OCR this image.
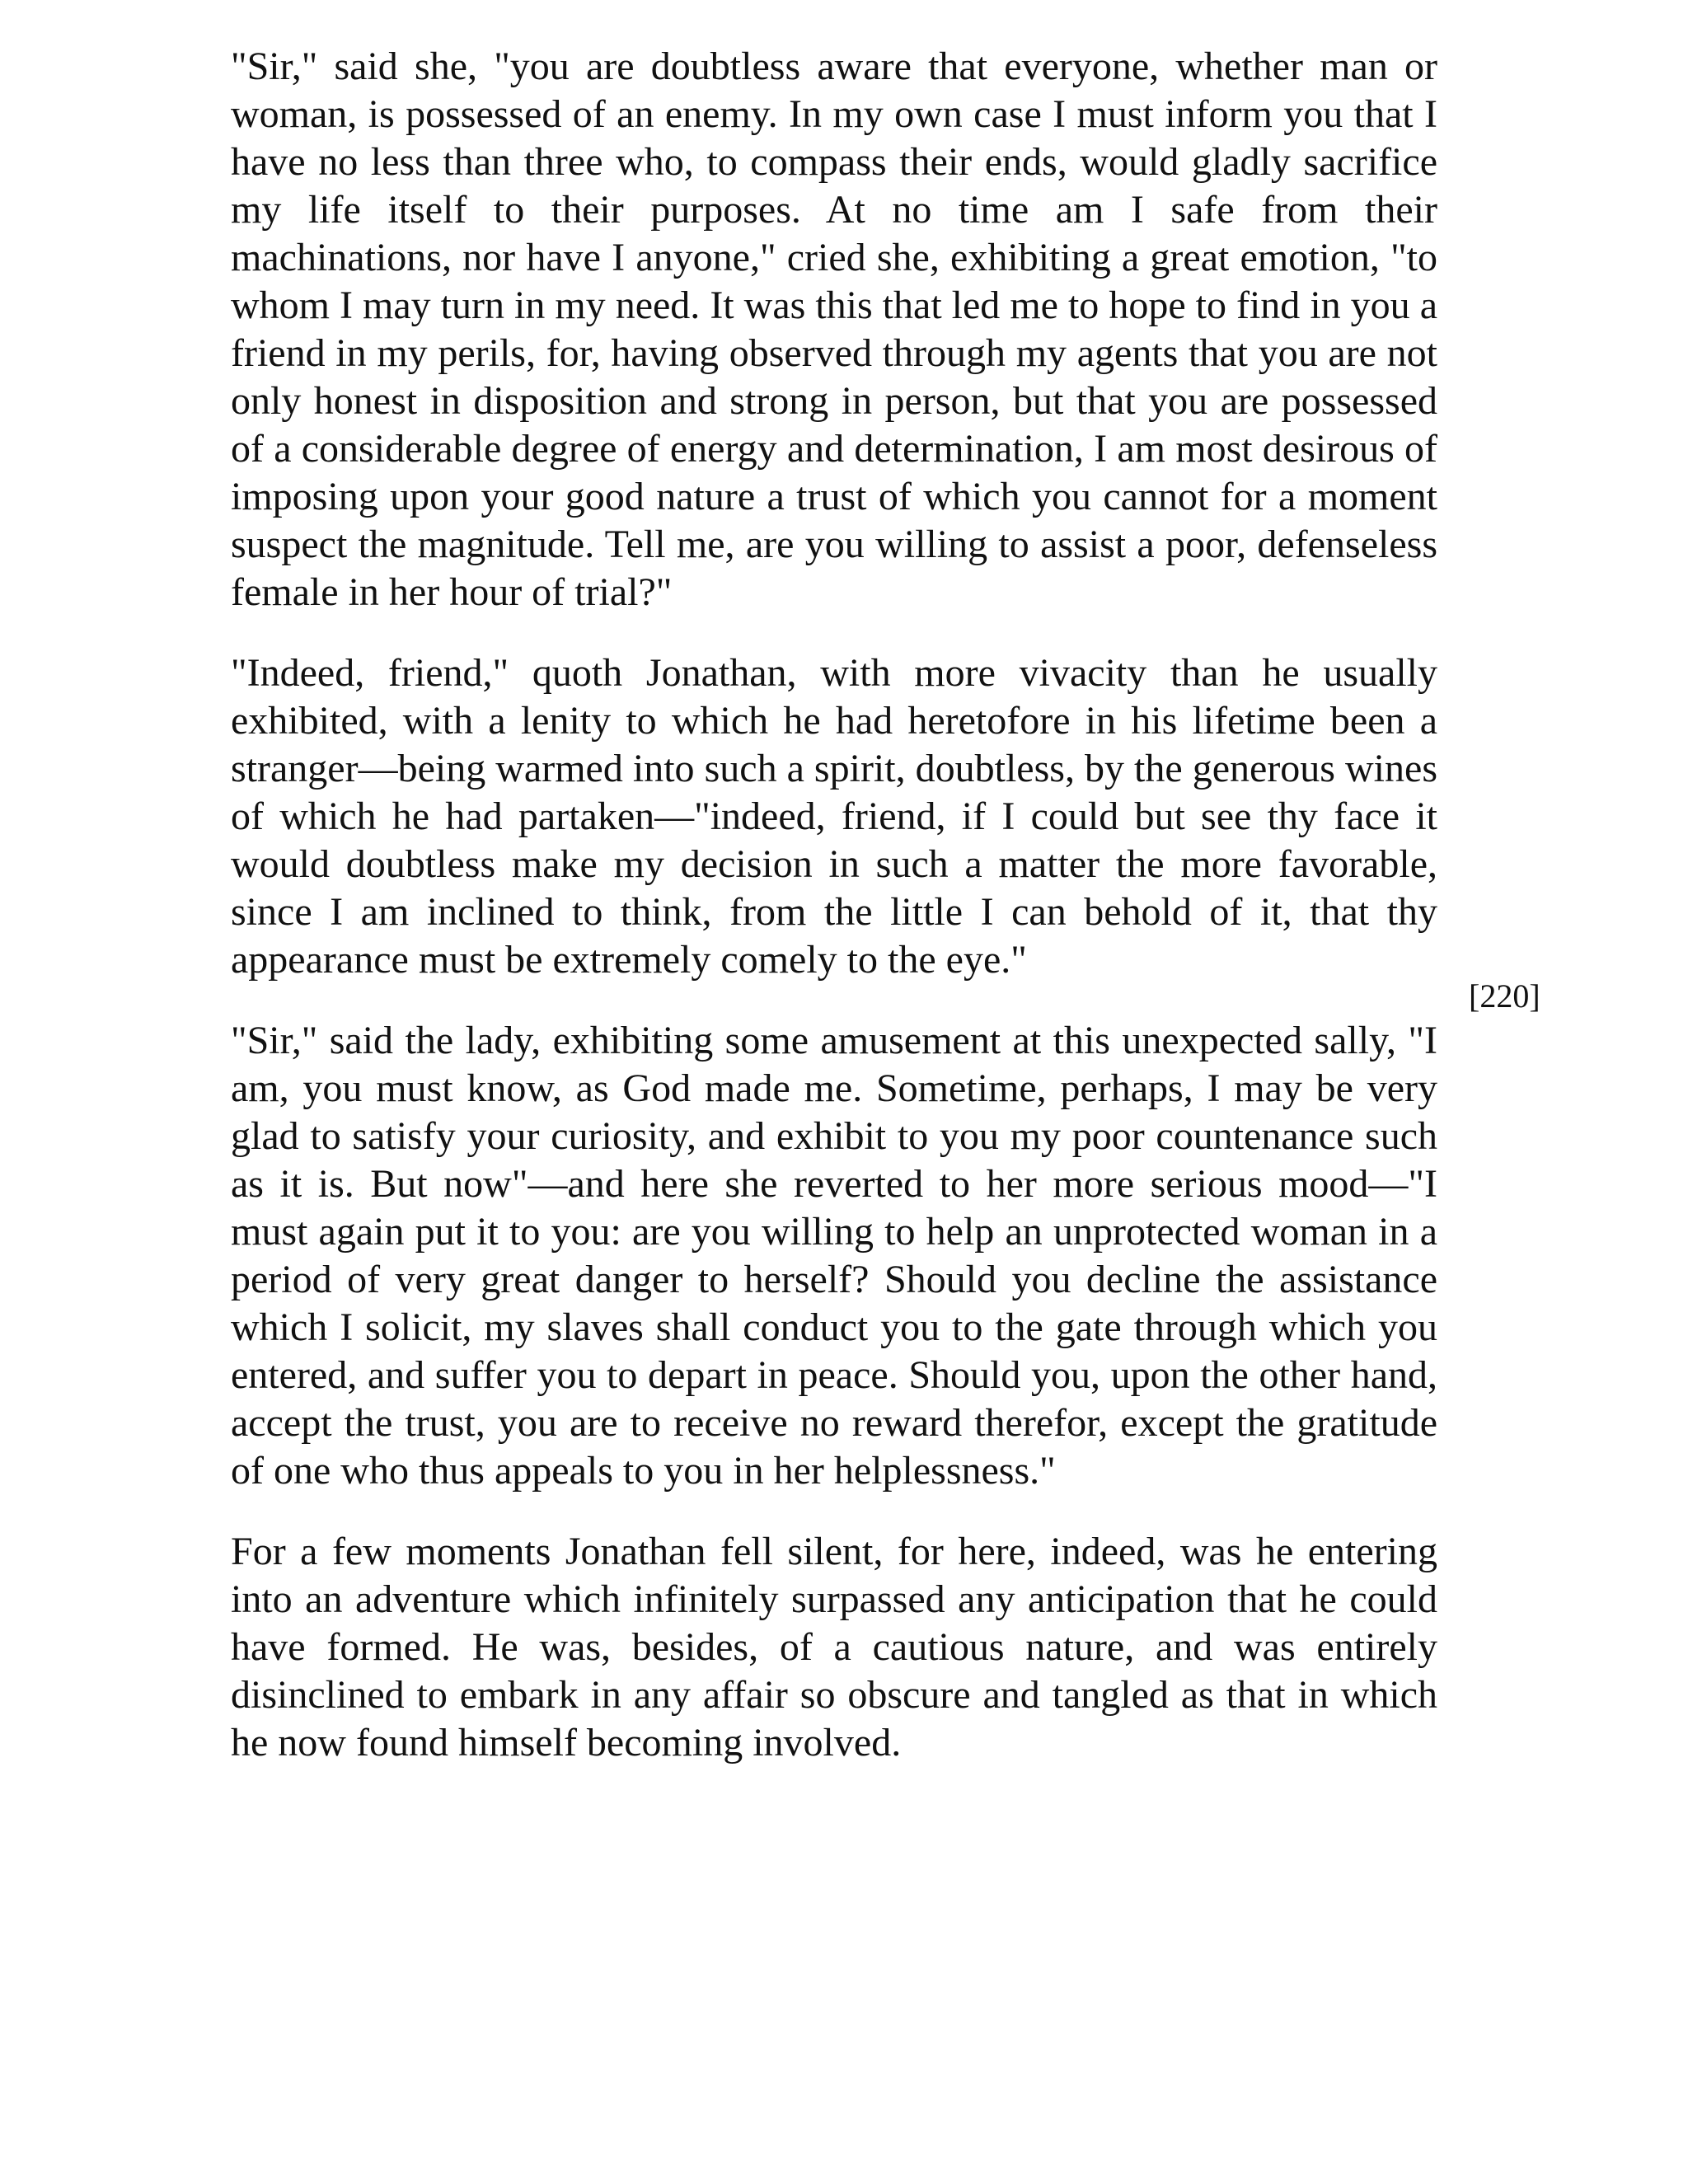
"Sir," said she, "you are doubtless aware that everyone, whether man or woman, is possessed of an enemy. In my own case I must inform you that I have no less than three who, to compass their ends, would gladly sacrifice my life itself to their purposes. At no time am I safe from their machinations, nor have I anyone," cried she, exhibiting a great emotion, "to whom I may turn in my need. It was this that led me to hope to find in you a friend in my perils, for, having observed through my agents that you are not only honest in disposition and strong in person, but that you are possessed of a considerable degree of energy and determination, I am most desirous of imposing upon your good nature a trust of which you cannot for a moment suspect the magnitude. Tell me, are you willing to assist a poor, defenseless female in her hour of trial?"

"Indeed, friend," quoth Jonathan, with more vivacity than he usually exhibited, with a lenity to which he had heretofore in his lifetime been a stranger—being warmed into such a spirit, doubtless, by the generous wines of which he had partaken—"indeed, friend, if I could but see thy face it would doubtless make my decision in such a matter the more favorable, since I am inclined to think, from the little I can behold of it, that thy appearance must be extremely comely to the eye."

"Sir," said the lady, exhibiting some amusement at this unexpected sally, "I am, you must know, as God made me. Sometime, perhaps, I may be very glad to satisfy your curiosity, and exhibit to you my poor countenance such as it is. But now"—and here she reverted to her more serious mood—"I must again put it to you: are you willing to help an unprotected woman in a period of very great danger to herself? Should you decline the assistance which I solicit, my slaves shall conduct you to the gate through which you entered, and suffer you to depart in peace. Should you, upon the other hand, accept the trust, you are to receive no reward therefor, except the gratitude of one who thus appeals to you in her helplessness."

For a few moments Jonathan fell silent, for here, indeed, was he entering into an adventure which infinitely surpassed any anticipation that he could have formed. He was, besides, of a cautious nature, and was entirely disinclined to embark in any affair so obscure and tangled as that in which he now found himself becoming involved.

[220]
